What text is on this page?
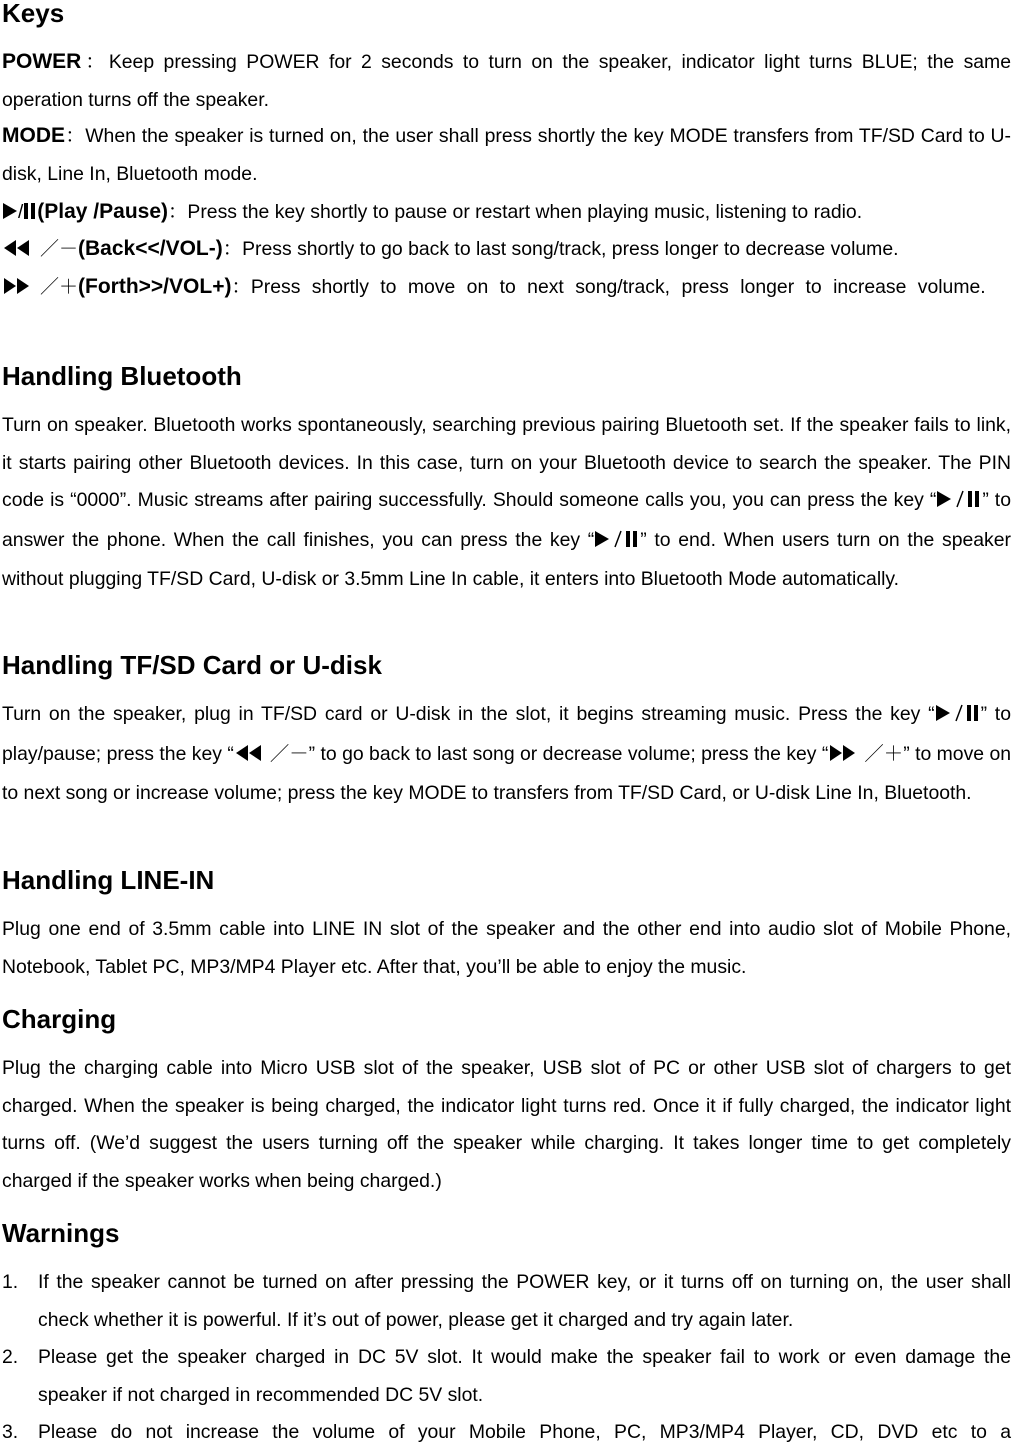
Keys

POWER：Keep pressing POWER for 2 seconds to turn on the speaker, indicator light turns BLUE; the same operation turns off the speaker.

MODE：When the speaker is turned on, the user shall press shortly the key MODE transfers from TF/SD Card to U-disk, Line In, Bluetooth mode.

/ (Play /Pause)：Press the key shortly to pause or restart when playing music, listening to radio.

／－(Back<</VOL-)：Press shortly to go back to last song/track, press longer to decrease volume.

／＋(Forth>>/VOL+)：Press shortly to move on to next song/track, press longer to increase volume.

Handling Bluetooth

Turn on speaker. Bluetooth works spontaneously, searching previous pairing Bluetooth set. If the speaker fails to link, it starts pairing other Bluetooth devices. In this case, turn on your Bluetooth device to search the speaker. The PIN code is “0000”. Music streams after pairing successfully. Should someone calls you, you can press the key “ ” to answer the phone. When the call finishes, you can press the key “ ” to end. When users turn on the speaker without plugging TF/SD Card, U-disk or 3.5mm Line In cable, it enters into Bluetooth Mode automatically.

Handling TF/SD Card or U-disk

Turn on the speaker, plug in TF/SD card or U-disk in the slot, it begins streaming music. Press the key “ ” to play/pause; press the key “ ／－” to go back to last song or decrease volume; press the key “ ／＋” to move on to next song or increase volume; press the key MODE to transfers from TF/SD Card, or U-disk Line In, Bluetooth.

Handling LINE-IN

Plug one end of 3.5mm cable into LINE IN slot of the speaker and the other end into audio slot of Mobile Phone, Notebook, Tablet PC, MP3/MP4 Player etc. After that, you’ll be able to enjoy the music.

Charging

Plug the charging cable into Micro USB slot of the speaker, USB slot of PC or other USB slot of chargers to get charged. When the speaker is being charged, the indicator light turns red. Once it if fully charged, the indicator light turns off. (We’d suggest the users turning off the speaker while charging. It takes longer time to get completely charged if the speaker works when being charged.)

Warnings
1. If the speaker cannot be turned on after pressing the POWER key, or it turns off on turning on, the user shall check whether it is powerful. If it’s out of power, please get it charged and try again later.
2. Please get the speaker charged in DC 5V slot. It would make the speaker fail to work or even damage the speaker if not charged in recommended DC 5V slot.
3. Please do not increase the volume of your Mobile Phone, PC, MP3/MP4 Player, CD, DVD etc to a
